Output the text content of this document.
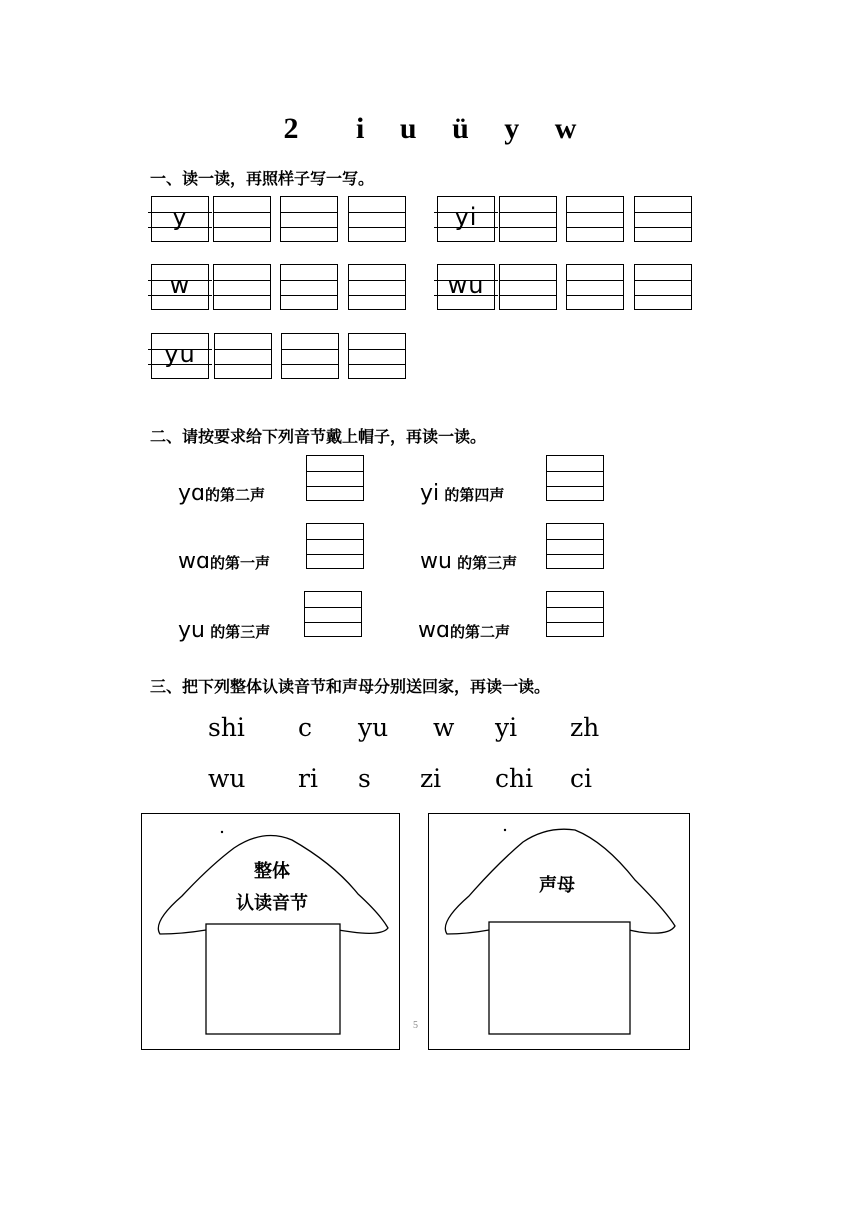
2 i u ü y w
一、读一读，再照样子写一写。
y	yi
w	wu
yu
二、请按要求给下列音节戴上帽子，再读一读。
yɑ的第二声	yi 的第四声
wɑ的第一声	wu 的第三声
yu 的第三声	wɑ的第二声
三、把下列整体认读音节和声母分别送回家，再读一读。
shi c yu w yi zh
wu ri s zi chi ci
整体
认读音节
声母
5
